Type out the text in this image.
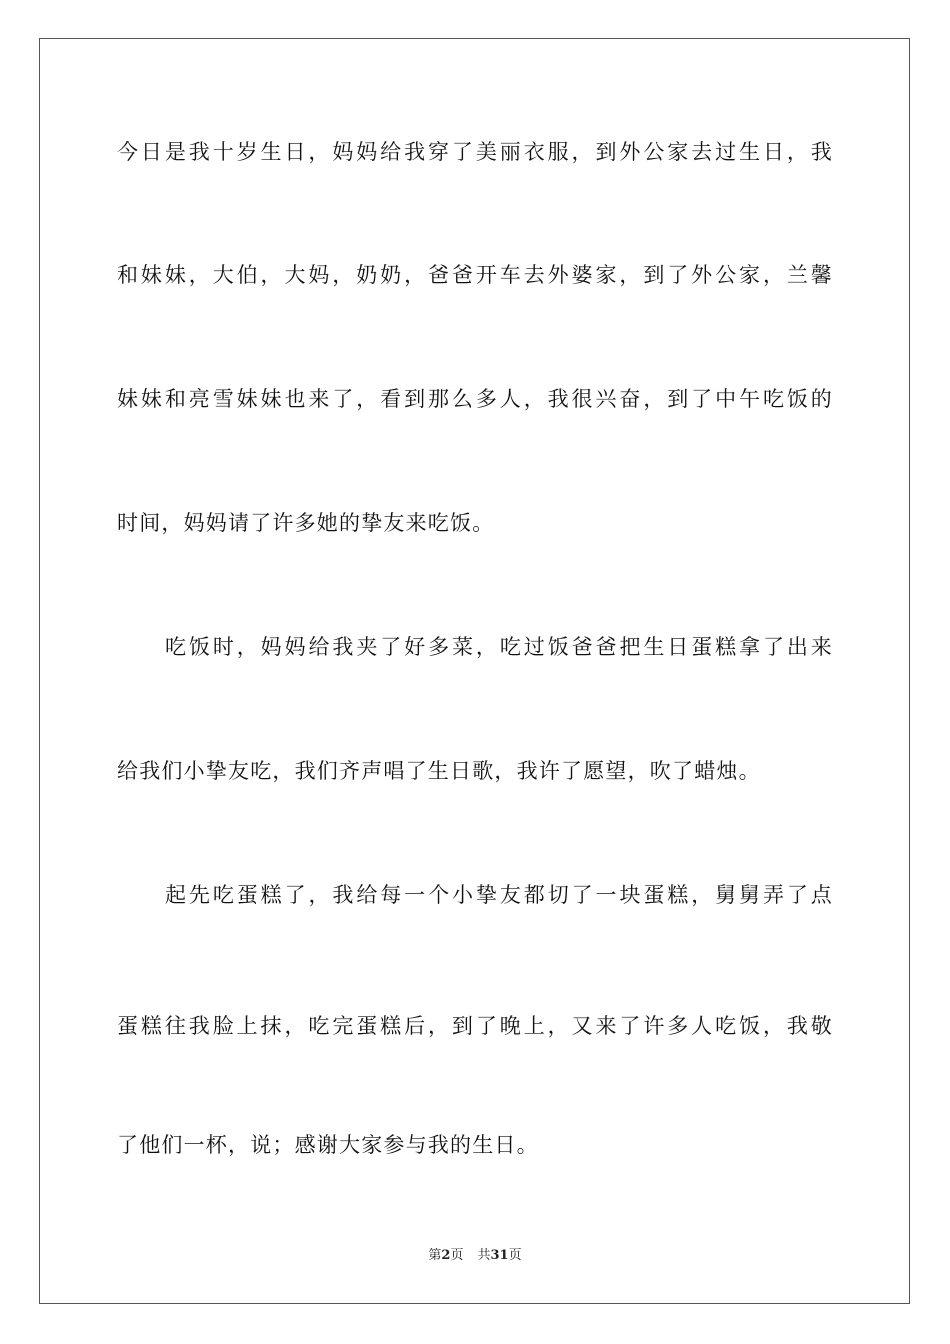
今日是我十岁生日，妈妈给我穿了美丽衣服，到外公家去过生日，我
和妹妹，大伯，大妈，奶奶，爸爸开车去外婆家，到了外公家，兰馨
妹妹和亮雪妹妹也来了，看到那么多人，我很兴奋，到了中午吃饭的
时间，妈妈请了许多她的挚友来吃饭。
吃饭时，妈妈给我夹了好多菜，吃过饭爸爸把生日蛋糕拿了出来
给我们小挚友吃，我们齐声唱了生日歌，我许了愿望，吹了蜡烛。
起先吃蛋糕了，我给每一个小挚友都切了一块蛋糕，舅舅弄了点
蛋糕往我脸上抹，吃完蛋糕后，到了晚上，又来了许多人吃饭，我敬
了他们一杯，说；感谢大家参与我的生日。
第2页 共31页
